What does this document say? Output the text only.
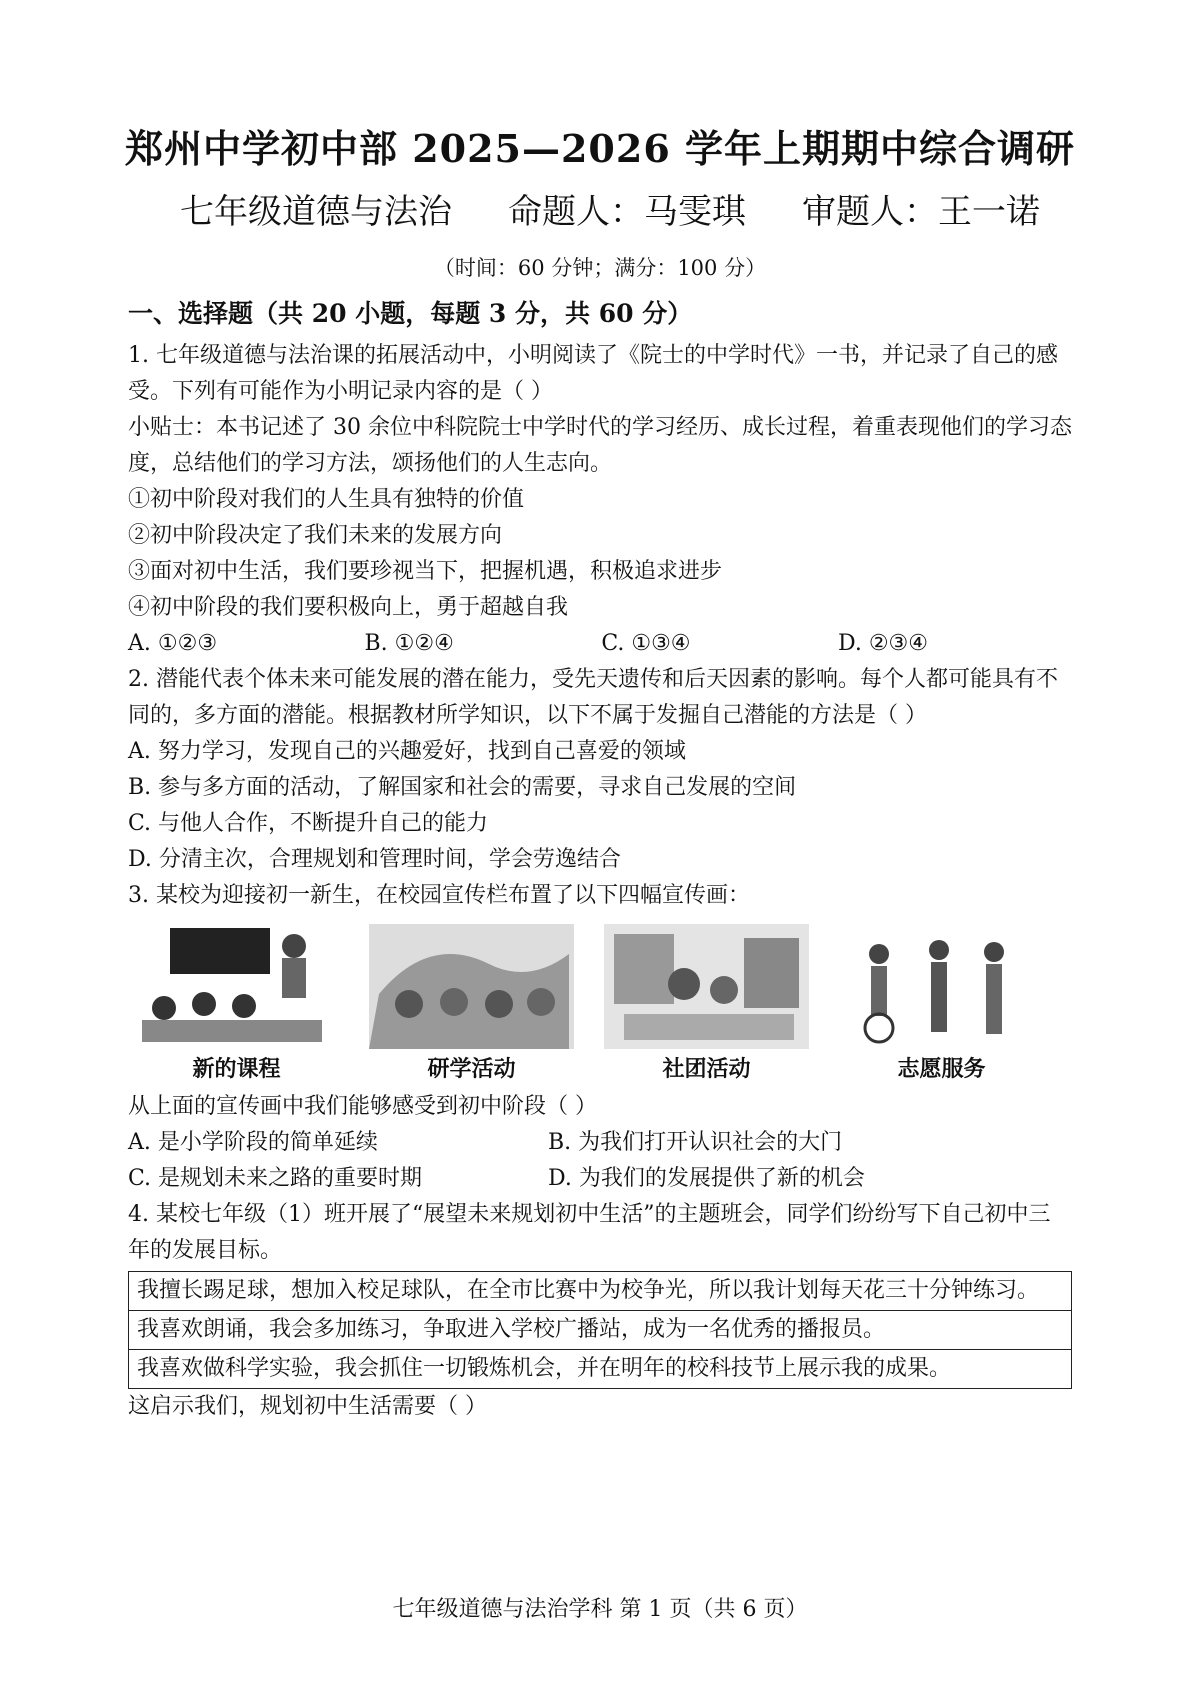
郑州中学初中部 2025—2026 学年上期期中综合调研
七年级道德与法治 命题人：马雯琪 审题人：王一诺
（时间：60 分钟；满分：100 分）
一、选择题（共 20 小题，每题 3 分，共 60 分）

1. 七年级道德与法治课的拓展活动中，小明阅读了《院士的中学时代》一书，并记录了自己的感受。下列有可能作为小明记录内容的是（ ）

小贴士：本书记述了 30 余位中科院院士中学时代的学习经历、成长过程，着重表现他们的学习态度，总结他们的学习方法，颂扬他们的人生志向。

①初中阶段对我们的人生具有独特的价值

②初中阶段决定了我们未来的发展方向

③面对初中生活，我们要珍视当下，把握机遇，积极追求进步

④初中阶段的我们要积极向上，勇于超越自我

A. ①②③	B. ①②④	C. ①③④	D. ②③④

2. 潜能代表个体未来可能发展的潜在能力，受先天遗传和后天因素的影响。每个人都可能具有不同的，多方面的潜能。根据教材所学知识，以下不属于发掘自己潜能的方法是（ ）

A. 努力学习，发现自己的兴趣爱好，找到自己喜爱的领域

B. 参与多方面的活动，了解国家和社会的需要，寻求自己发展的空间

C. 与他人合作，不断提升自己的能力

D. 分清主次，合理规划和管理时间，学会劳逸结合

3. 某校为迎接初一新生，在校园宣传栏布置了以下四幅宣传画：

新的课程	研学活动	社团活动	志愿服务

从上面的宣传画中我们能够感受到初中阶段（ ）

A. 是小学阶段的简单延续	B. 为我们打开认识社会的大门
C. 是规划未来之路的重要时期	D. 为我们的发展提供了新的机会

4. 某校七年级（1）班开展了“展望未来规划初中生活”的主题班会，同学们纷纷写下自己初中三年的发展目标。

我擅长踢足球，想加入校足球队，在全市比赛中为校争光，所以我计划每天花三十分钟练习。
我喜欢朗诵，我会多加练习，争取进入学校广播站，成为一名优秀的播报员。
我喜欢做科学实验，我会抓住一切锻炼机会，并在明年的校科技节上展示我的成果。

这启示我们，规划初中生活需要（ ）

七年级道德与法治学科 第 1 页（共 6 页）
